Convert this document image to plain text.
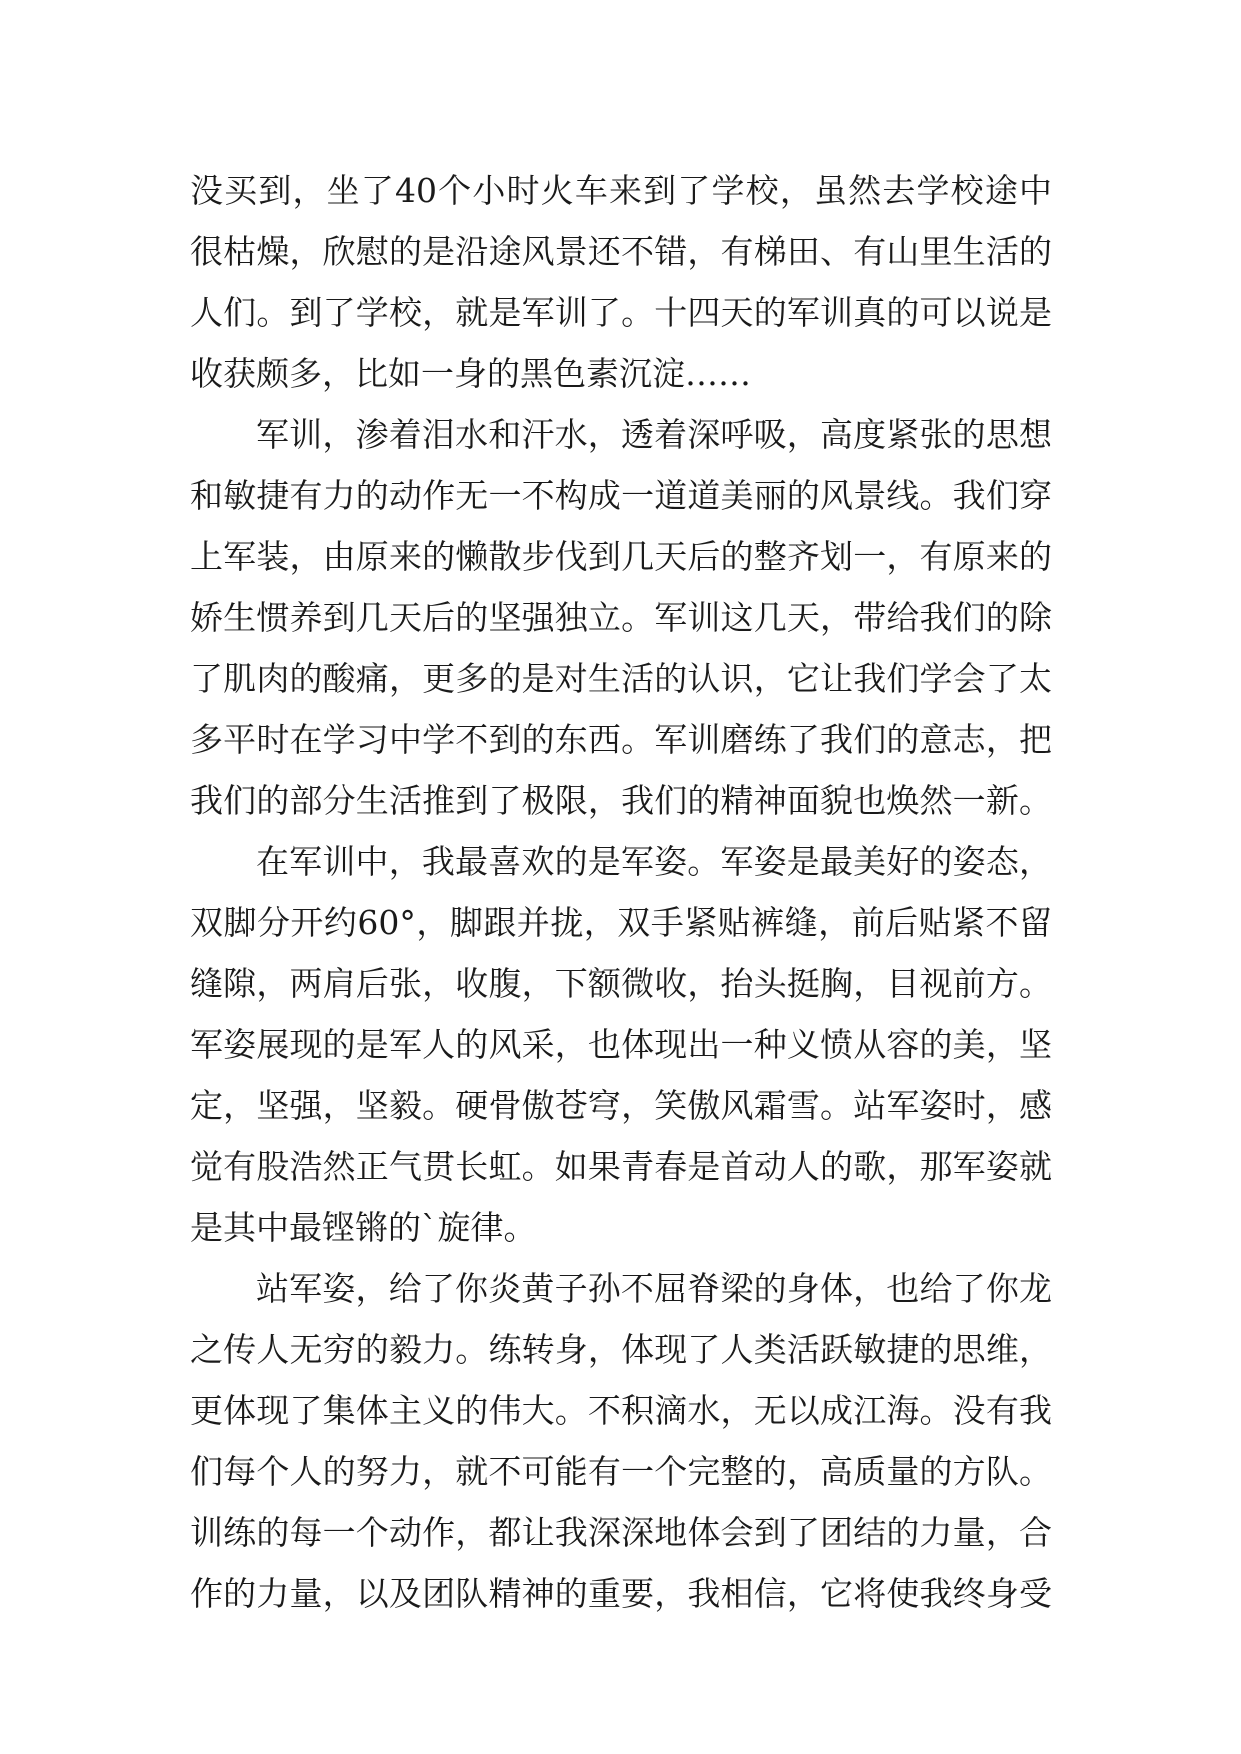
没买到，坐了40个小时火车来到了学校，虽然去学校途中
很枯燥，欣慰的是沿途风景还不错，有梯田、有山里生活的
人们。到了学校，就是军训了。十四天的军训真的可以说是
收获颇多，比如一身的黑色素沉淀……
军训，渗着泪水和汗水，透着深呼吸，高度紧张的思想
和敏捷有力的动作无一不构成一道道美丽的风景线。我们穿
上军装，由原来的懒散步伐到几天后的整齐划一，有原来的
娇生惯养到几天后的坚强独立。军训这几天，带给我们的除
了肌肉的酸痛，更多的是对生活的认识，它让我们学会了太
多平时在学习中学不到的东西。军训磨练了我们的意志，把
我们的部分生活推到了极限，我们的精神面貌也焕然一新。
在军训中，我最喜欢的是军姿。军姿是最美好的姿态，
双脚分开约60°，脚跟并拢，双手紧贴裤缝，前后贴紧不留
缝隙，两肩后张，收腹，下额微收，抬头挺胸，目视前方。
军姿展现的是军人的风采，也体现出一种义愤从容的美，坚
定，坚强，坚毅。硬骨傲苍穹，笑傲风霜雪。站军姿时，感
觉有股浩然正气贯长虹。如果青春是首动人的歌，那军姿就
是其中最铿锵的`旋律。
站军姿，给了你炎黄子孙不屈脊梁的身体，也给了你龙
之传人无穷的毅力。练转身，体现了人类活跃敏捷的思维，
更体现了集体主义的伟大。不积滴水，无以成江海。没有我
们每个人的努力，就不可能有一个完整的，高质量的方队。
训练的每一个动作，都让我深深地体会到了团结的力量，合
作的力量，以及团队精神的重要，我相信，它将使我终身受
